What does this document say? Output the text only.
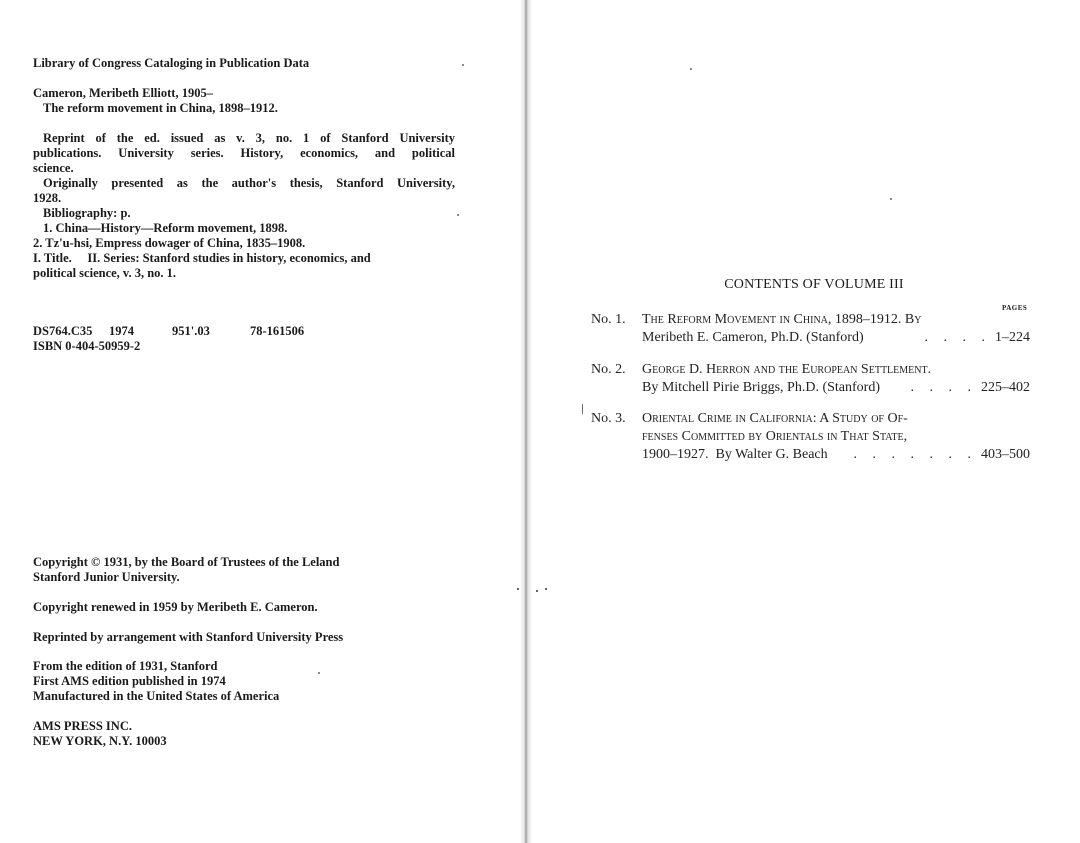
Library of Congress Cataloging in Publication Data
Cameron, Meribeth Elliott, 1905–
The reform movement in China, 1898–1912.
Reprint of the ed. issued as v. 3, no. 1 of Stanford University
publications. University series. History, economics, and political
science.
Originally presented as the author's thesis, Stanford University,
1928.
Bibliography: p.
1. China—History—Reform movement, 1898.
2. Tz'u-hsi, Empress dowager of China, 1835–1908.
I. Title.     II. Series: Stanford studies in history, economics, and
political science, v. 3, no. 1.
DS764.C35 1974	951'.03	78-161506
ISBN 0-404-50959-2
Copyright © 1931, by the Board of Trustees of the Leland
Stanford Junior University.
Copyright renewed in 1959 by Meribeth E. Cameron.
Reprinted by arrangement with Stanford University Press
From the edition of 1931, Stanford
First AMS edition published in 1974
Manufactured in the United States of America
AMS PRESS INC.
NEW YORK, N.Y. 10003
CONTENTS OF VOLUME III
PAGES
No. 1. The Reform Movement in China, 1898–1912. By
Meribeth E. Cameron, Ph.D. (Stanford)	. . . . 1–224
No. 2. George D. Herron and the European Settlement.
By Mitchell Pirie Briggs, Ph.D. (Stanford)	. . . . 225–402
No. 3. Oriental Crime in California: A Study of Of-
fenses Committed by Orientals in That State,
1900–1927.  By Walter G. Beach	. . . . . . . 403–500
